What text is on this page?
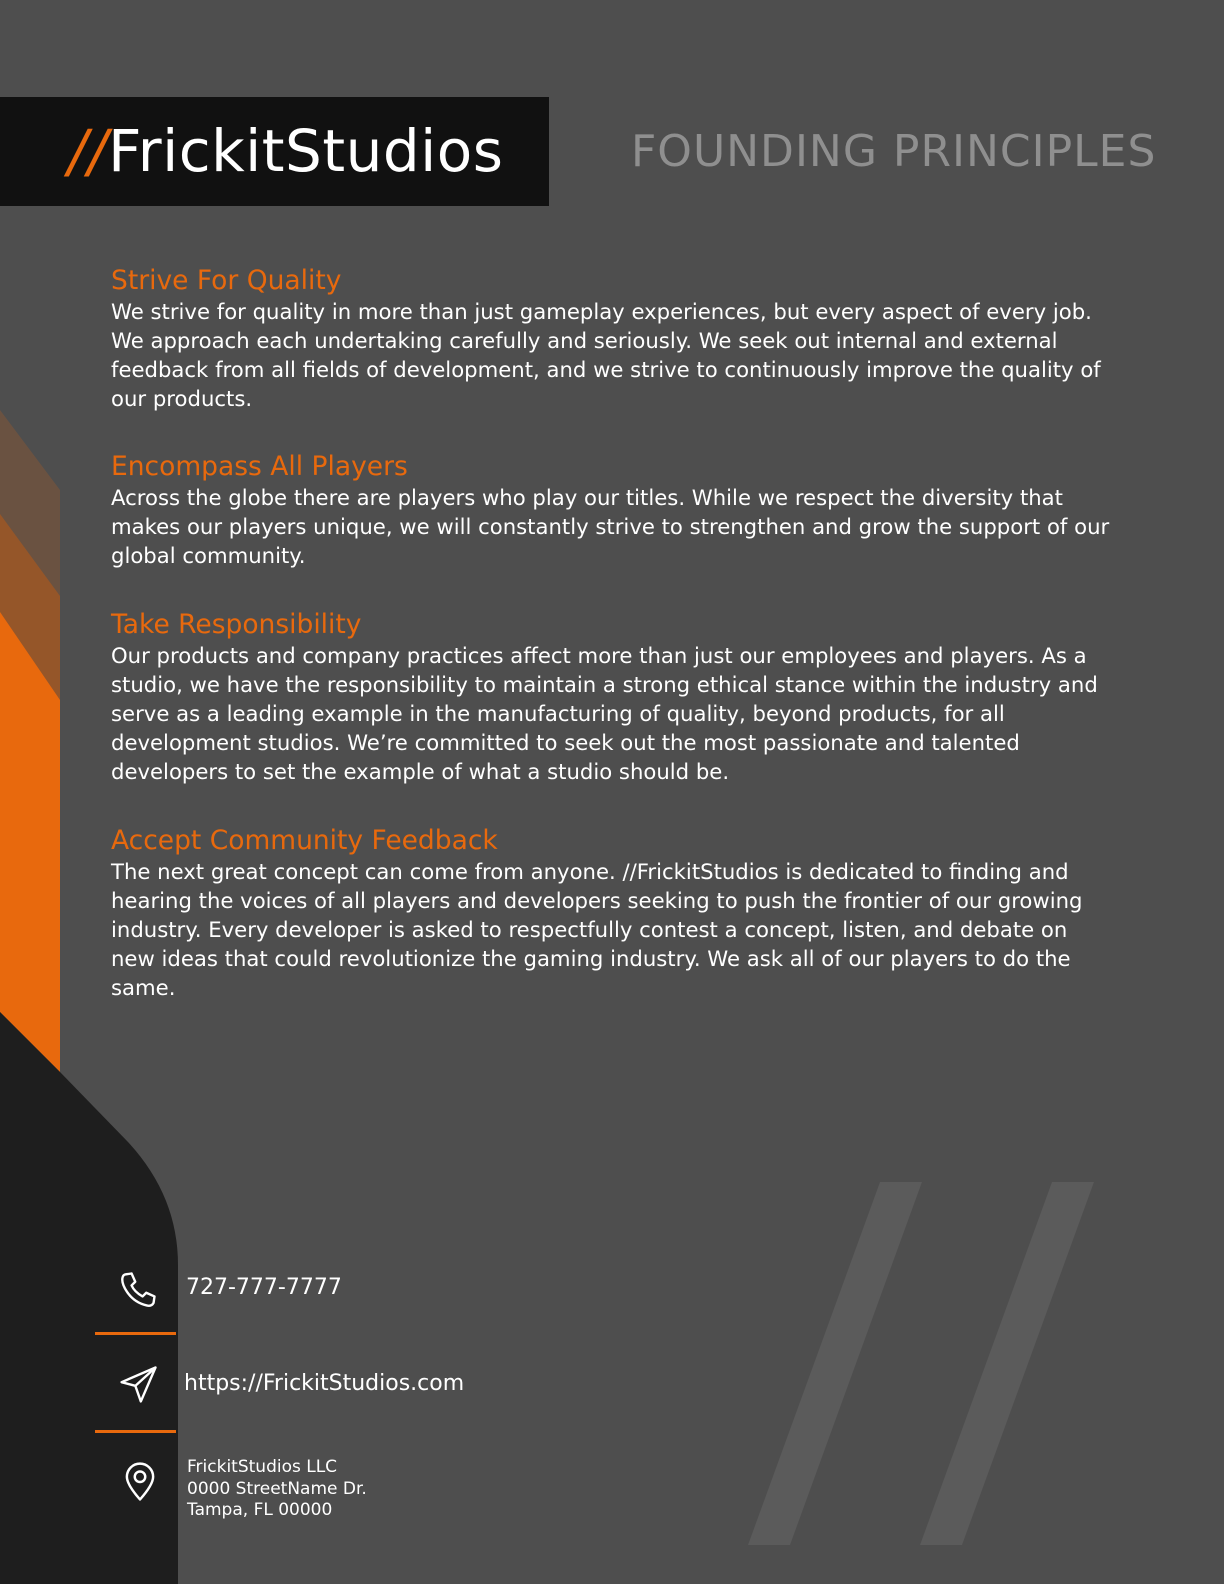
//FrickitStudios	FOUNDING PRINCIPLES
Strive For Quality

We strive for quality in more than just gameplay experiences, but every aspect of every job. We approach each undertaking carefully and seriously. We seek out internal and external feedback from all fields of development, and we strive to continuously improve the quality of our products.

Encompass All Players

Across the globe there are players who play our titles. While we respect the diversity that makes our players unique, we will constantly strive to strengthen and grow the support of our global community.

Take Responsibility

Our products and company practices affect more than just our employees and players. As a studio, we have the responsibility to maintain a strong ethical stance within the industry and serve as a leading example in the manufacturing of quality, beyond products, for all development studios. We’re committed to seek out the most passionate and talented developers to set the example of what a studio should be.

Accept Community Feedback

The next great concept can come from anyone. //FrickitStudios is dedicated to finding and hearing the voices of all players and developers seeking to push the frontier of our growing industry. Every developer is asked to respectfully contest a concept, listen, and debate on new ideas that could revolutionize the gaming industry. We ask all of our players to do the same.

727-777-7777
https://FrickitStudios.com
FrickitStudios LLC
0000 StreetName Dr.
Tampa, FL 00000
